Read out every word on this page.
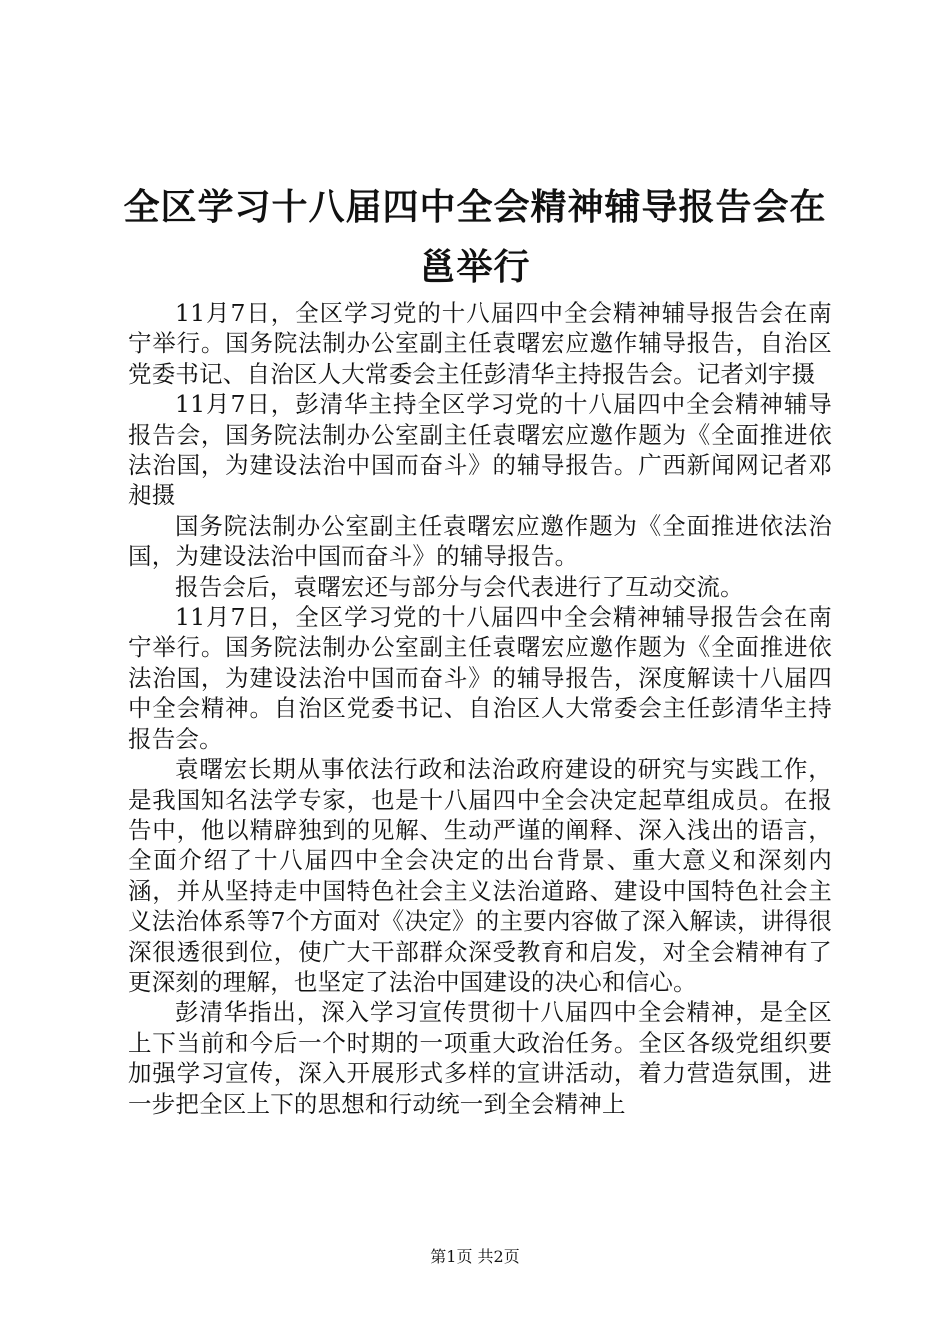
全区学习十八届四中全会精神辅导报告会在邕举行

11月7日，全区学习党的十八届四中全会精神辅导报告会在南宁举行。国务院法制办公室副主任袁曙宏应邀作辅导报告，自治区党委书记、自治区人大常委会主任彭清华主持报告会。记者刘宇摄

11月7日，彭清华主持全区学习党的十八届四中全会精神辅导报告会，国务院法制办公室副主任袁曙宏应邀作题为《全面推进依法治国，为建设法治中国而奋斗》的辅导报告。广西新闻网记者邓昶摄

国务院法制办公室副主任袁曙宏应邀作题为《全面推进依法治国，为建设法治中国而奋斗》的辅导报告。

报告会后，袁曙宏还与部分与会代表进行了互动交流。

11月7日，全区学习党的十八届四中全会精神辅导报告会在南宁举行。国务院法制办公室副主任袁曙宏应邀作题为《全面推进依法治国，为建设法治中国而奋斗》的辅导报告，深度解读十八届四中全会精神。自治区党委书记、自治区人大常委会主任彭清华主持报告会。

袁曙宏长期从事依法行政和法治政府建设的研究与实践工作，是我国知名法学专家，也是十八届四中全会决定起草组成员。在报告中，他以精辟独到的见解、生动严谨的阐释、深入浅出的语言，全面介绍了十八届四中全会决定的出台背景、重大意义和深刻内涵，并从坚持走中国特色社会主义法治道路、建设中国特色社会主义法治体系等7个方面对《决定》的主要内容做了深入解读，讲得很深很透很到位，使广大干部群众深受教育和启发，对全会精神有了更深刻的理解，也坚定了法治中国建设的决心和信心。

彭清华指出，深入学习宣传贯彻十八届四中全会精神，是全区上下当前和今后一个时期的一项重大政治任务。全区各级党组织要加强学习宣传，深入开展形式多样的宣讲活动，着力营造氛围，进一步把全区上下的思想和行动统一到全会精神上

第1页 共2页
